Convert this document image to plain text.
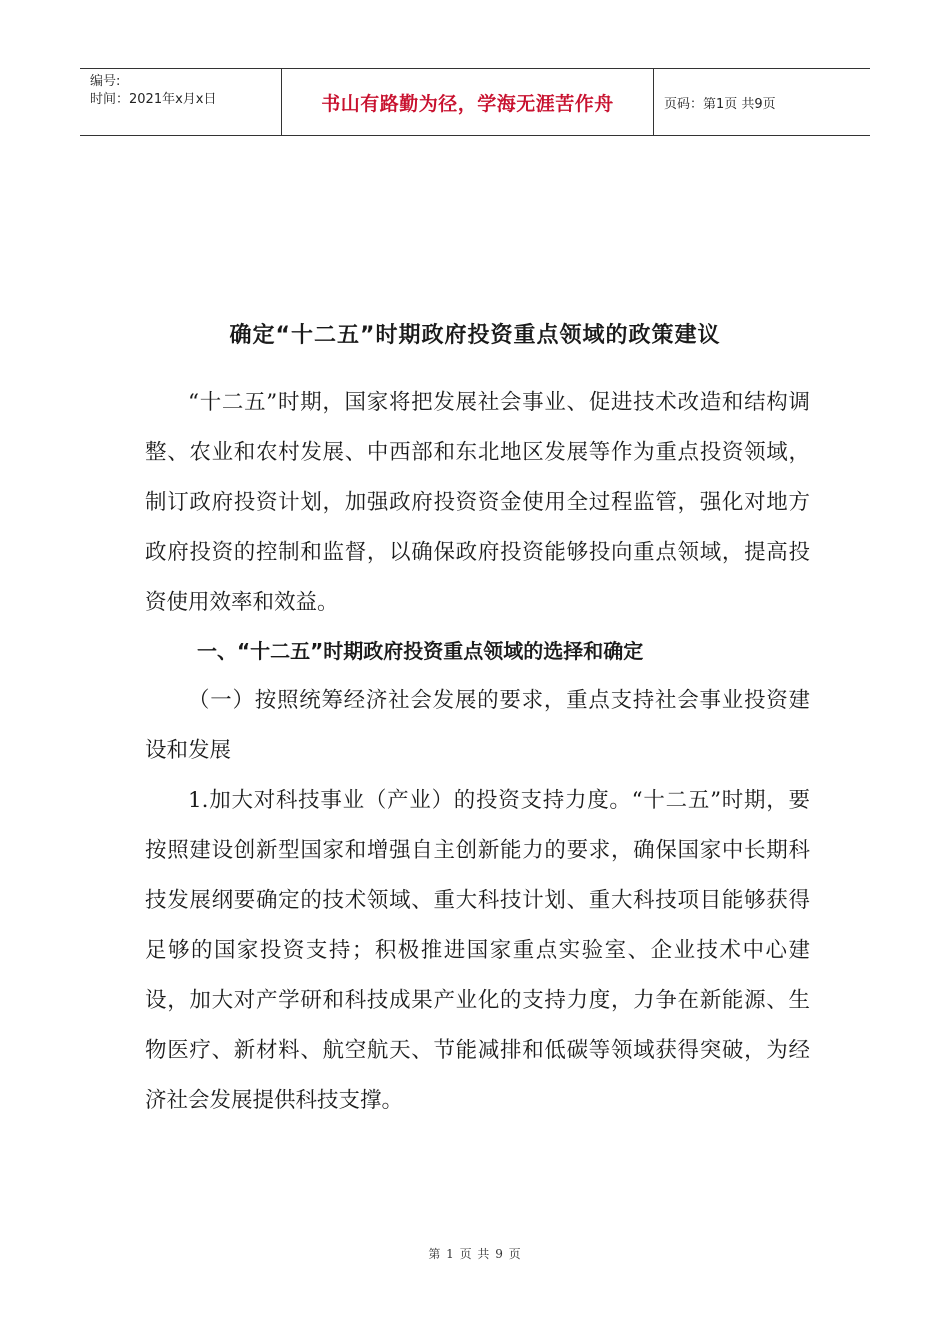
编号:
时间：2021年x月x日	书山有路勤为径，学海无涯苦作舟	页码：第1页 共9页
确定“十二五”时期政府投资重点领域的政策建议

“十二五”时期，国家将把发展社会事业、促进技术改造和结构调整、农业和农村发展、中西部和东北地区发展等作为重点投资领域，制订政府投资计划，加强政府投资资金使用全过程监管，强化对地方政府投资的控制和监督，以确保政府投资能够投向重点领域，提高投资使用效率和效益。

一、“十二五”时期政府投资重点领域的选择和确定

（一）按照统筹经济社会发展的要求，重点支持社会事业投资建设和发展

1.加大对科技事业（产业）的投资支持力度。“十二五”时期，要按照建设创新型国家和增强自主创新能力的要求，确保国家中长期科技发展纲要确定的技术领域、重大科技计划、重大科技项目能够获得足够的国家投资支持；积极推进国家重点实验室、企业技术中心建设，加大对产学研和科技成果产业化的支持力度，力争在新能源、生物医疗、新材料、航空航天、节能减排和低碳等领域获得突破，为经济社会发展提供科技支撑。

第 1 页 共 9 页
